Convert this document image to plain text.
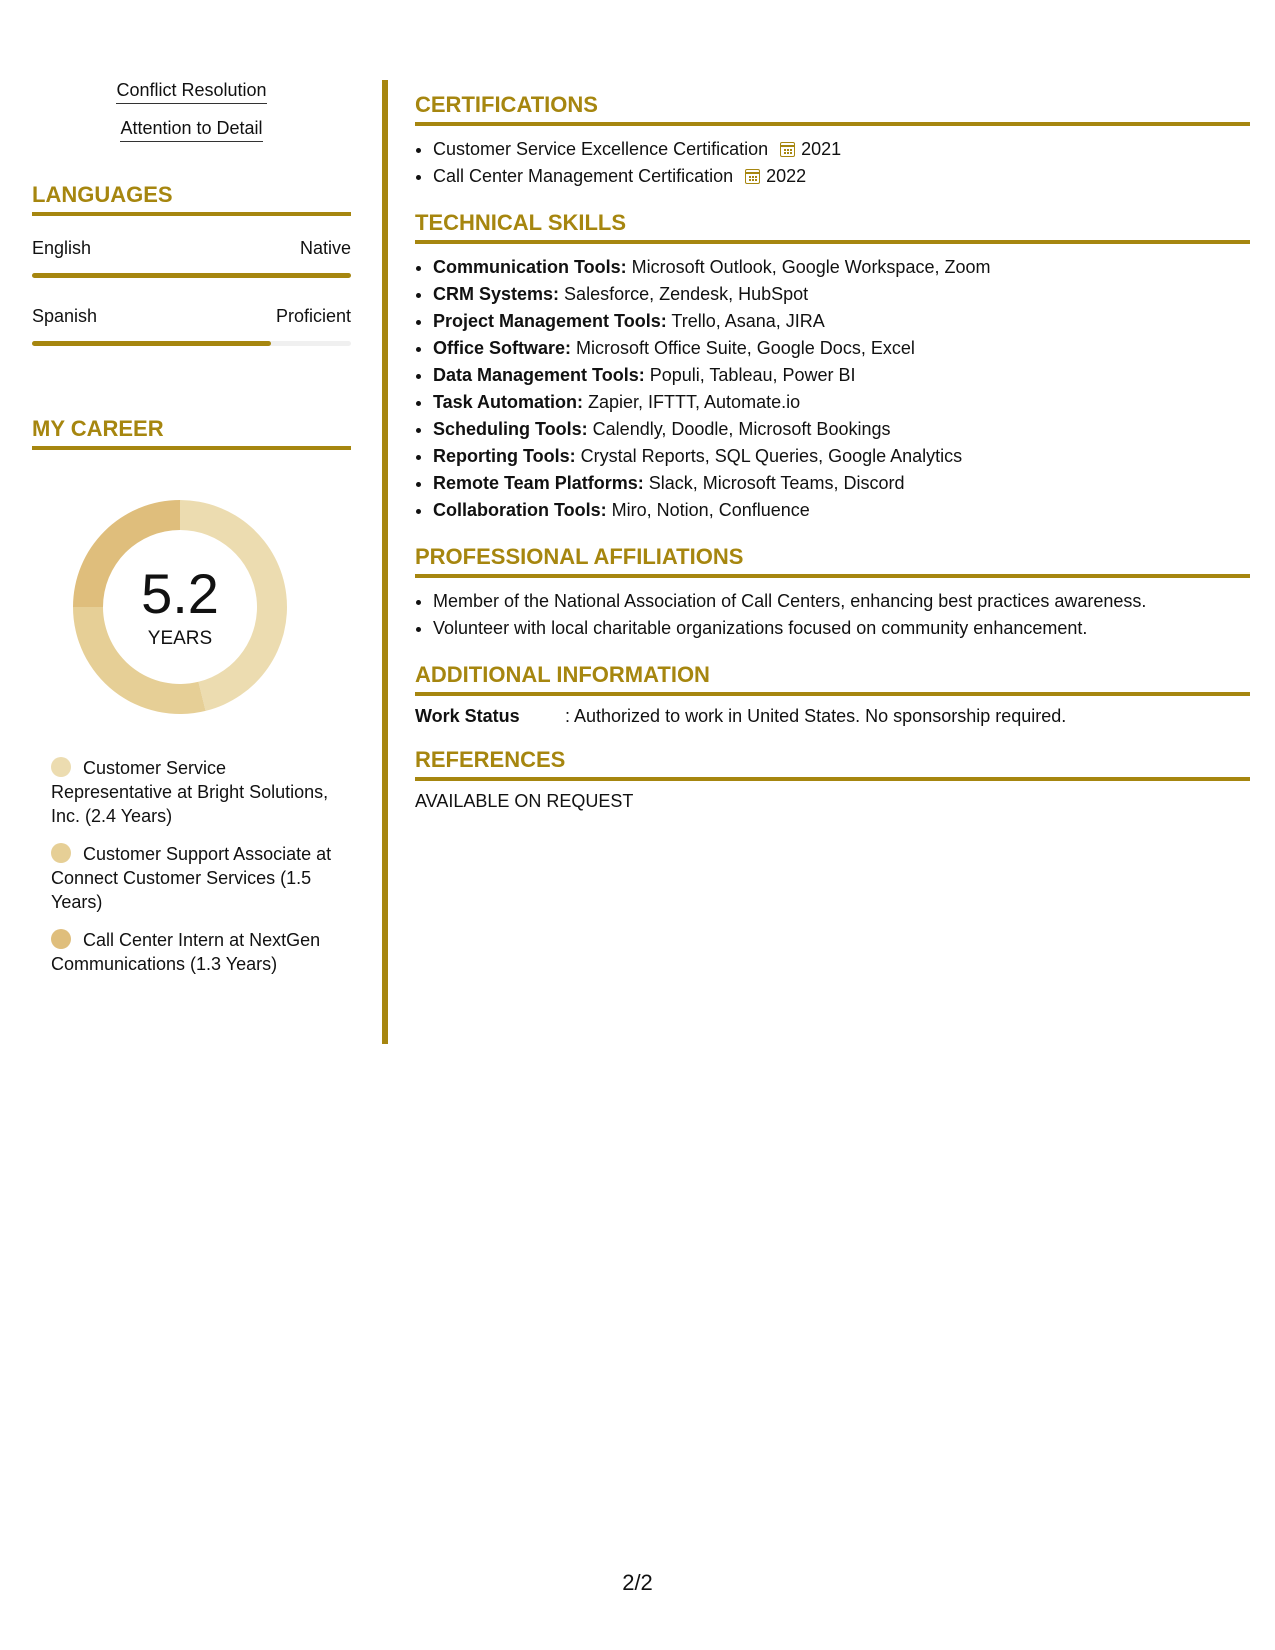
Conflict Resolution
Attention to Detail
LANGUAGES
English	Native
Spanish	Proficient
MY CAREER
5.2
YEARS
Customer Service Representative at Bright Solutions, Inc. (2.4 Years)
Customer Support Associate at Connect Customer Services (1.5 Years)
Call Center Intern at NextGen Communications (1.3 Years)
CERTIFICATIONS
• Customer Service Excellence Certification 2021
• Call Center Management Certification 2022
TECHNICAL SKILLS
• Communication Tools: Microsoft Outlook, Google Workspace, Zoom
• CRM Systems: Salesforce, Zendesk, HubSpot
• Project Management Tools: Trello, Asana, JIRA
• Office Software: Microsoft Office Suite, Google Docs, Excel
• Data Management Tools: Populi, Tableau, Power BI
• Task Automation: Zapier, IFTTT, Automate.io
• Scheduling Tools: Calendly, Doodle, Microsoft Bookings
• Reporting Tools: Crystal Reports, SQL Queries, Google Analytics
• Remote Team Platforms: Slack, Microsoft Teams, Discord
• Collaboration Tools: Miro, Notion, Confluence
PROFESSIONAL AFFILIATIONS
• Member of the National Association of Call Centers, enhancing best practices awareness.
• Volunteer with local charitable organizations focused on community enhancement.
ADDITIONAL INFORMATION
Work Status	: Authorized to work in United States. No sponsorship required.
REFERENCES
AVAILABLE ON REQUEST
2/2
